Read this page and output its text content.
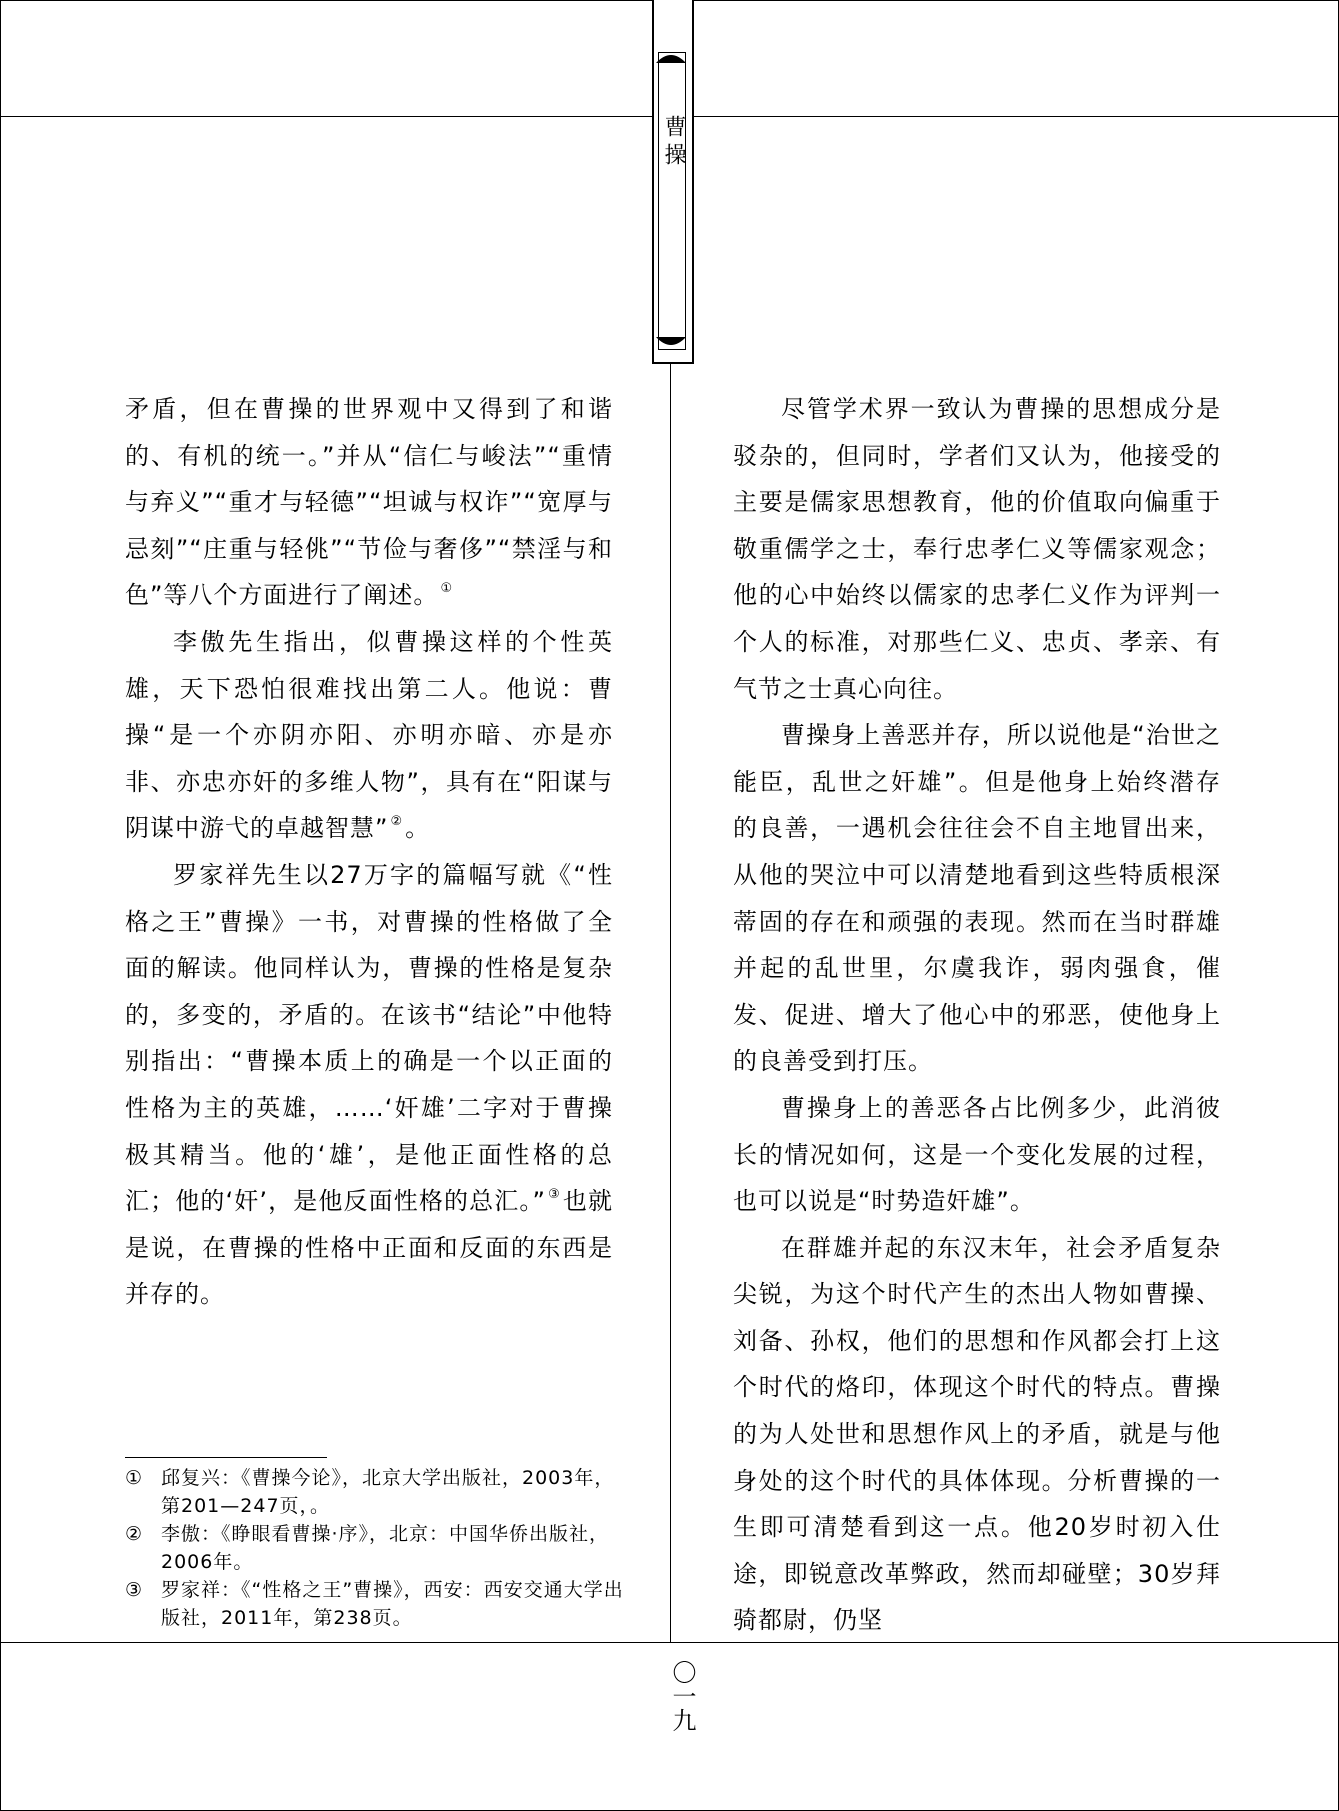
曹操

矛盾，但在曹操的世界观中又得到了和谐的、有机的统一。”并从“信仁与峻法”“重情与弃义”“重才与轻德”“坦诚与权诈”“宽厚与忌刻”“庄重与轻佻”“节俭与奢侈”“禁淫与和色”等八个方面进行了阐述。 ①

李傲先生指出，似曹操这样的个性英雄，天下恐怕很难找出第二人。他说：曹操“是一个亦阴亦阳、亦明亦暗、亦是亦非、亦忠亦奸的多维人物”，具有在“阳谋与阴谋中游弋的卓越智慧” ②。

罗家祥先生以27万字的篇幅写就《“性格之王”曹操》一书，对曹操的性格做了全面的解读。他同样认为，曹操的性格是复杂的，多变的，矛盾的。在该书“结论”中他特别指出：“曹操本质上的确是一个以正面的性格为主的英雄，……‘奸雄’二字对于曹操极其精当。他的‘雄’，是他正面性格的总汇；他的‘奸’，是他反面性格的总汇。” ③也就是说，在曹操的性格中正面和反面的东西是并存的。

尽管学术界一致认为曹操的思想成分是驳杂的，但同时，学者们又认为，他接受的主要是儒家思想教育，他的价值取向偏重于敬重儒学之士，奉行忠孝仁义等儒家观念；他的心中始终以儒家的忠孝仁义作为评判一个人的标准，对那些仁义、忠贞、孝亲、有气节之士真心向往。

曹操身上善恶并存，所以说他是“治世之能臣，乱世之奸雄”。但是他身上始终潜存的良善，一遇机会往往会不自主地冒出来，从他的哭泣中可以清楚地看到这些特质根深蒂固的存在和顽强的表现。然而在当时群雄并起的乱世里，尔虞我诈，弱肉强食，催发、促进、增大了他心中的邪恶，使他身上的良善受到打压。

曹操身上的善恶各占比例多少，此消彼长的情况如何，这是一个变化发展的过程，也可以说是“时势造奸雄”。

在群雄并起的东汉末年，社会矛盾复杂尖锐，为这个时代产生的杰出人物如曹操、刘备、孙权，他们的思想和作风都会打上这个时代的烙印，体现这个时代的特点。曹操的为人处世和思想作风上的矛盾，就是与他身处的这个时代的具体体现。分析曹操的一生即可清楚看到这一点。他20岁时初入仕途，即锐意改革弊政，然而却碰壁；30岁拜骑都尉，仍坚

① 邱复兴：《曹操今论》，北京大学出版社，2003年，第201—247页，。
② 李傲：《睁眼看曹操·序》，北京：中国华侨出版社，2006年。
③ 罗家祥：《“性格之王”曹操》，西安：西安交通大学出版社，2011年，第238页。
〇一九
